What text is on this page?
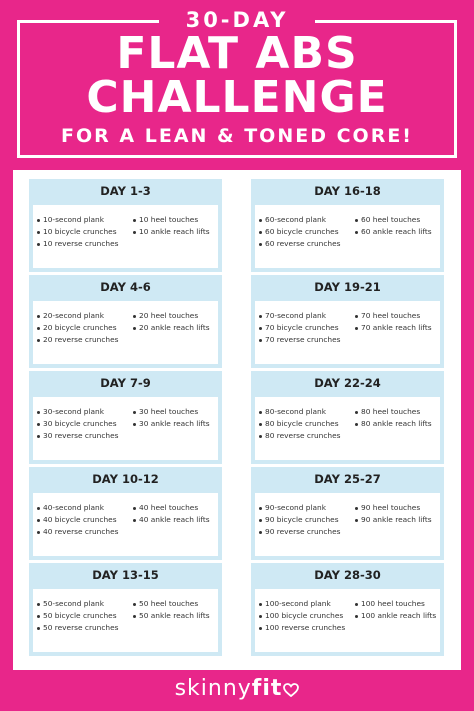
30-DAY
FLAT ABS
CHALLENGE
FOR A LEAN & TONED CORE!
DAY 1-3
10-second plank
10 bicycle crunches
10 reverse crunches
10 heel touches
10 ankle reach lifts
DAY 4-6
20-second plank
20 bicycle crunches
20 reverse crunches
20 heel touches
20 ankle reach lifts
DAY 7-9
30-second plank
30 bicycle crunches
30 reverse crunches
30 heel touches
30 ankle reach lifts
DAY 10-12
40-second plank
40 bicycle crunches
40 reverse crunches
40 heel touches
40 ankle reach lifts
DAY 13-15
50-second plank
50 bicycle crunches
50 reverse crunches
50 heel touches
50 ankle reach lifts
DAY 16-18
60-second plank
60 bicycle crunches
60 reverse crunches
60 heel touches
60 ankle reach lifts
DAY 19-21
70-second plank
70 bicycle crunches
70 reverse crunches
70 heel touches
70 ankle reach lifts
DAY 22-24
80-second plank
80 bicycle crunches
80 reverse crunches
80 heel touches
80 ankle reach lifts
DAY 25-27
90-second plank
90 bicycle crunches
90 reverse crunches
90 heel touches
90 ankle reach lifts
DAY 28-30
100-second plank
100 bicycle crunches
100 reverse crunches
100 heel touches
100 ankle reach lifts
skinnyfit
